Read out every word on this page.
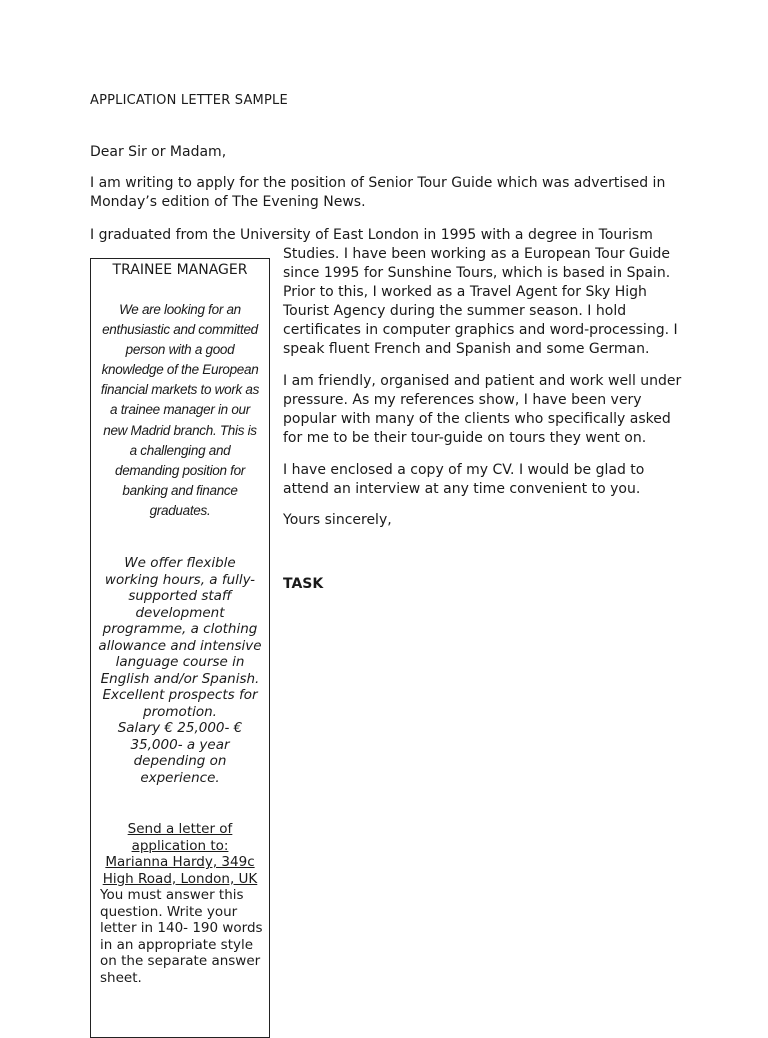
APPLICATION LETTER SAMPLE
Dear Sir or Madam,
I am writing to apply for the position of Senior Tour Guide which was advertised in Monday’s edition of The Evening News.
I graduated from the University of East London in 1995 with a degree in Tourism
Studies. I have been working as a European Tour Guide since 1995 for Sunshine Tours, which is based in Spain. Prior to this, I worked as a Travel Agent for Sky High Tourist Agency during the summer season. I hold certificates in computer graphics and word-processing. I speak fluent French and Spanish and some German.
I am friendly, organised and patient and work well under pressure. As my references show, I have been very popular with many of the clients who specifically asked for me to be their tour-guide on tours they went on.
I have enclosed a copy of my CV. I would be glad to attend an interview at any time convenient to you.
Yours sincerely,
TASK
TRAINEE MANAGER
We are looking for an enthusiastic and committed person with a good knowledge of the European financial markets to work as a trainee manager in our new Madrid branch. This is a challenging and demanding position for banking and finance graduates.
We offer flexible working hours, a fully-supported staff development programme, a clothing allowance and intensive language course in English and/or Spanish. Excellent prospects for promotion.
Salary € 25,000- € 35,000- a year depending on experience.
Send a letter of application to:
Marianna Hardy, 349c High Road, London, UK
You must answer this question. Write your letter in 140- 190 words in an appropriate style on the separate answer sheet.
